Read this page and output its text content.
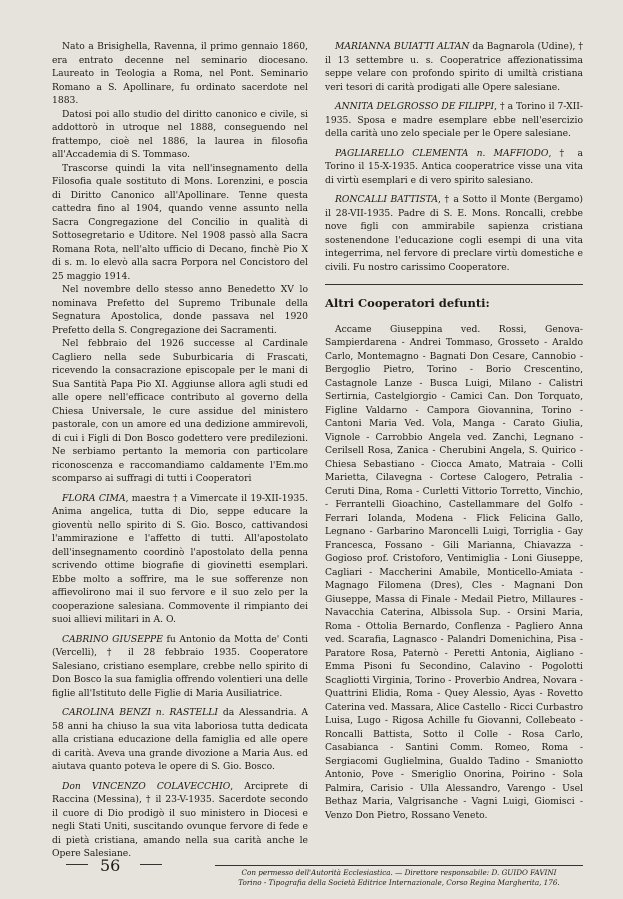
Nato a Brisighella, Ravenna, il primo gennaio 1860, era entrato decenne nel seminario diocesano. Laureato in Teologia a Roma, nel Pont. Seminario Romano a S. Apollinare, fu ordinato sacerdote nel 1883.

Datosi poi allo studio del diritto canonico e civile, si addottorò in utroque nel 1888, conseguendo nel frattempo, cioè nel 1886, la laurea in filosofia all'Accademia di S. Tommaso.

Trascorse quindi la vita nell'insegnamento della Filosofia quale sostituto di Mons. Lorenzini, e poscia di Diritto Canonico all'Apollinare. Tenne questa cattedra fino al 1904, quando venne assunto nella Sacra Congregazione del Concilio in qualità di Sottosegretario e Uditore. Nel 1908 passò alla Sacra Romana Rota, nell'alto ufficio di Decano, finchè Pio X di s. m. lo elevò alla sacra Porpora nel Concistoro del 25 maggio 1914.

Nel novembre dello stesso anno Benedetto XV lo nominava Prefetto del Supremo Tribunale della Segnatura Apostolica, donde passava nel 1920 Prefetto della S. Congregazione dei Sacramenti.

Nel febbraio del 1926 successe al Cardinale Cagliero nella sede Suburbicaria di Frascati, ricevendo la consacrazione episcopale per le mani di Sua Santità Papa Pio XI. Aggiunse allora agli studi ed alle opere nell'efficace contributo al governo della Chiesa Universale, le cure assidue del ministero pastorale, con un amore ed una dedizione ammirevoli, di cui i Figli di Don Bosco godettero vere predilezioni. Ne serbiamo pertanto la memoria con particolare riconoscenza e raccomandiamo caldamente l'Em.mo scomparso ai suffragi di tutti i Cooperatori

FLORA CIMA, maestra † a Vimercate il 19-XII-1935. Anima angelica, tutta di Dio, seppe educare la gioventù nello spirito di S. Gio. Bosco, cattivandosi l'ammirazione e l'affetto di tutti. All'apostolato dell'insegnamento coordinò l'apostolato della penna scrivendo ottime biografie di giovinetti esemplari. Ebbe molto a soffrire, ma le sue sofferenze non affievolirono mai il suo fervore e il suo zelo per la cooperazione salesiana. Commovente il rimpianto dei suoi allievi militari in A. O.

CABRINO GIUSEPPE fu Antonio da Motta de' Conti (Vercelli), † il 28 febbraio 1935. Cooperatore Salesiano, cristiano esemplare, crebbe nello spirito di Don Bosco la sua famiglia offrendo volentieri una delle figlie all'Istituto delle Figlie di Maria Ausiliatrice.

CAROLINA BENZI n. RASTELLI da Alessandria. A 58 anni ha chiuso la sua vita laboriosa tutta dedicata alla cristiana educazione della famiglia ed alle opere di carità. Aveva una grande divozione a Maria Aus. ed aiutava quanto poteva le opere di S. Gio. Bosco.

Don VINCENZO COLAVECCHIO, Arciprete di Raccina (Messina), † il 23-V-1935. Sacerdote secondo il cuore di Dio prodigò il suo ministero in Diocesi e negli Stati Uniti, suscitando ovunque fervore di fede e di pietà cristiana, amando nella sua carità anche le Opere Salesiane.

MARIANNA BUIATTI ALTAN da Bagnarola (Udine), † il 13 settembre u. s. Cooperatrice affezionatissima seppe velare con profondo spirito di umiltà cristiana veri tesori di carità prodigati alle Opere salesiane.

ANNITA DELGROSSO DE FILIPPI, † a Torino il 7-XII-1935. Sposa e madre esemplare ebbe nell'esercizio della carità uno zelo speciale per le Opere salesiane.

PAGLIARELLO CLEMENTA n. MAFFIODO, † a Torino il 15-X-1935. Antica cooperatrice visse una vita di virtù esemplari e di vero spirito salesiano.

RONCALLI BATTISTA, † a Sotto il Monte (Bergamo) il 28-VII-1935. Padre di S. E. Mons. Roncalli, crebbe nove figli con ammirabile sapienza cristiana sostenendone l'educazione cogli esempi di una vita integerrima, nel fervore di preclare virtù domestiche e civili. Fu nostro carissimo Cooperatore.

Altri Cooperatori defunti:

Accame Giuseppina ved. Rossi, Genova-Sampierdarena - Andrei Tommaso, Grosseto - Araldo Carlo, Montemagno - Bagnati Don Cesare, Cannobio - Bergoglio Pietro, Torino - Borio Crescentino, Castagnole Lanze - Busca Luigi, Milano - Calistri Sertirnia, Castelgiorgio - Camici Can. Don Torquato, Figline Valdarno - Campora Giovannina, Torino - Cantoni Maria Ved. Vola, Manga - Carato Giulia, Vignole - Carrobbio Angela ved. Zanchi, Legnano - Cerilsell Rosa, Zanica - Cherubini Angela, S. Quirico - Chiesa Sebastiano - Ciocca Amato, Matraia - Colli Marietta, Cilavegna - Cortese Calogero, Petralia - Ceruti Dina, Roma - Curletti Vittorio Torretto, Vinchio, - Ferrantelli Gioachino, Castellammare del Golfo - Ferrari Iolanda, Modena - Flick Felicina Gallo, Legnano - Garbarino Maroncelli Luigi, Torriglia - Gay Francesca, Fossano - Gili Marianna, Chiavazza - Gogioso prof. Cristoforo, Ventimiglia - Loni Giuseppe, Cagliari - Maccherini Amabile, Monticello-Amiata - Magnago Filomena (Dres), Cles - Magnani Don Giuseppe, Massa di Finale - Medail Pietro, Millaures - Navacchia Caterina, Albissola Sup. - Orsini Maria, Roma - Ottolia Bernardo, Conflenza - Pagliero Anna ved. Scarafia, Lagnasco - Palandri Domenichina, Pisa - Paratore Rosa, Paternò - Peretti Antonia, Aigliano - Emma Pisoni fu Secondino, Calavino - Pogolotti Scagliotti Virginia, Torino - Proverbio Andrea, Novara - Quattrini Elidia, Roma - Quey Alessio, Ayas - Rovetto Caterina ved. Massara, Alice Castello - Ricci Curbastro Luisa, Lugo - Rigosa Achille fu Giovanni, Collebeato - Roncalli Battista, Sotto il Colle - Rosa Carlo, Casabianca - Santini Comm. Romeo, Roma - Sergiacomi Guglielmina, Gualdo Tadino - Smaniotto Antonio, Pove - Smeriglio Onorina, Poirino - Sola Palmira, Carisio - Ulla Alessandro, Varengo - Usel Bethaz Maria, Valgrisanche - Vagni Luigi, Giomisci - Venzo Don Pietro, Rossano Veneto.

56	Con permesso dell'Autorità Ecclesiastica. — Direttore responsabile: D. GUIDO FAVINI
Torino - Tipografia della Società Editrice Internazionale, Corso Regina Margherita, 176.
